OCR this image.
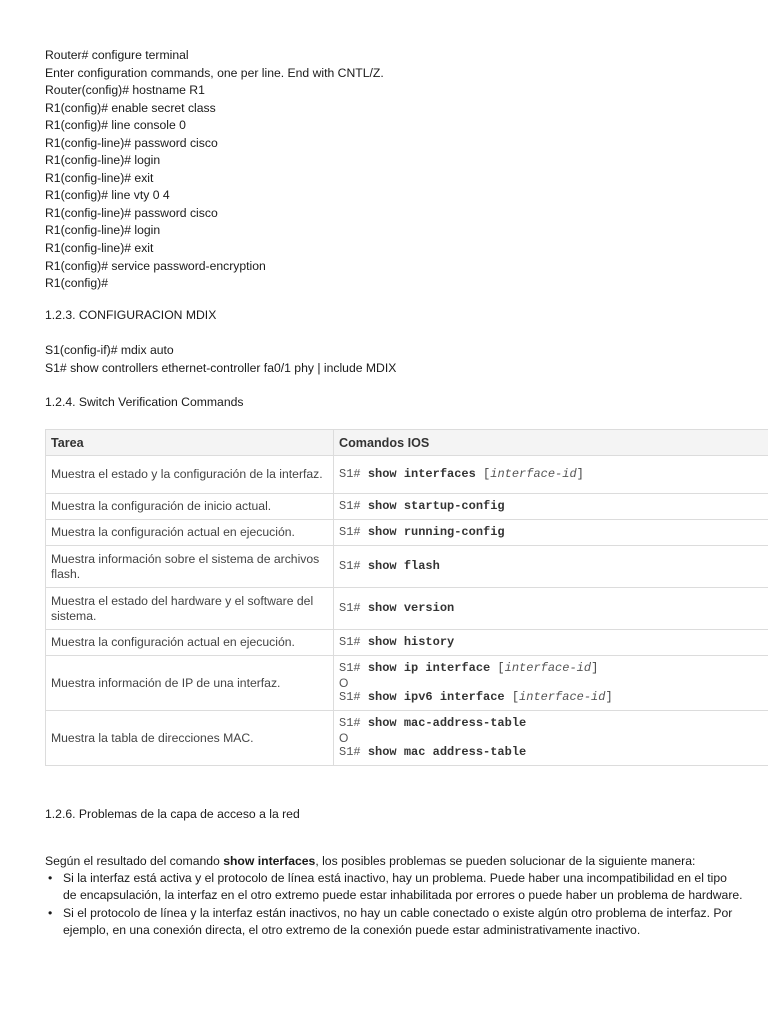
Router# configure terminal
Enter configuration commands, one per line. End with CNTL/Z.
Router(config)# hostname R1
R1(config)# enable secret class
R1(config)# line console 0
R1(config-line)# password cisco
R1(config-line)# login
R1(config-line)# exit
R1(config)# line vty 0 4
R1(config-line)# password cisco
R1(config-line)# login
R1(config-line)# exit
R1(config)# service password-encryption
R1(config)#
1.2.3. CONFIGURACION MDIX
S1(config-if)# mdix auto
S1# show controllers ethernet-controller fa0/1 phy | include MDIX
1.2.4. Switch Verification Commands
Tarea	Comandos IOS
Muestra el estado y la configuración de la interfaz.	S1# show interfaces [interface-id]

Muestra la configuración de inicio actual.	S1# show startup-config

Muestra la configuración actual en ejecución.	S1# show running-config

Muestra información sobre el sistema de archivos flash.	S1# show flash

Muestra el estado del hardware y el software del sistema.	S1# show version

Muestra la configuración actual en ejecución.	S1# show history

Muestra información de IP de una interfaz.	S1# show ip interface [interface-id]
O
S1# show ipv6 interface [interface-id]

Muestra la tabla de direcciones MAC.	S1# show mac-address-table
O
S1# show mac address-table
1.2.6. Problemas de la capa de acceso a la red
Según el resultado del comando show interfaces, los posibles problemas se pueden solucionar de la siguiente manera:
• Si la interfaz está activa y el protocolo de línea está inactivo, hay un problema. Puede haber una incompatibilidad en el tipo de encapsulación, la interfaz en el otro extremo puede estar inhabilitada por errores o puede haber un problema de hardware.
• Si el protocolo de línea y la interfaz están inactivos, no hay un cable conectado o existe algún otro problema de interfaz. Por ejemplo, en una conexión directa, el otro extremo de la conexión puede estar administrativamente inactivo.
